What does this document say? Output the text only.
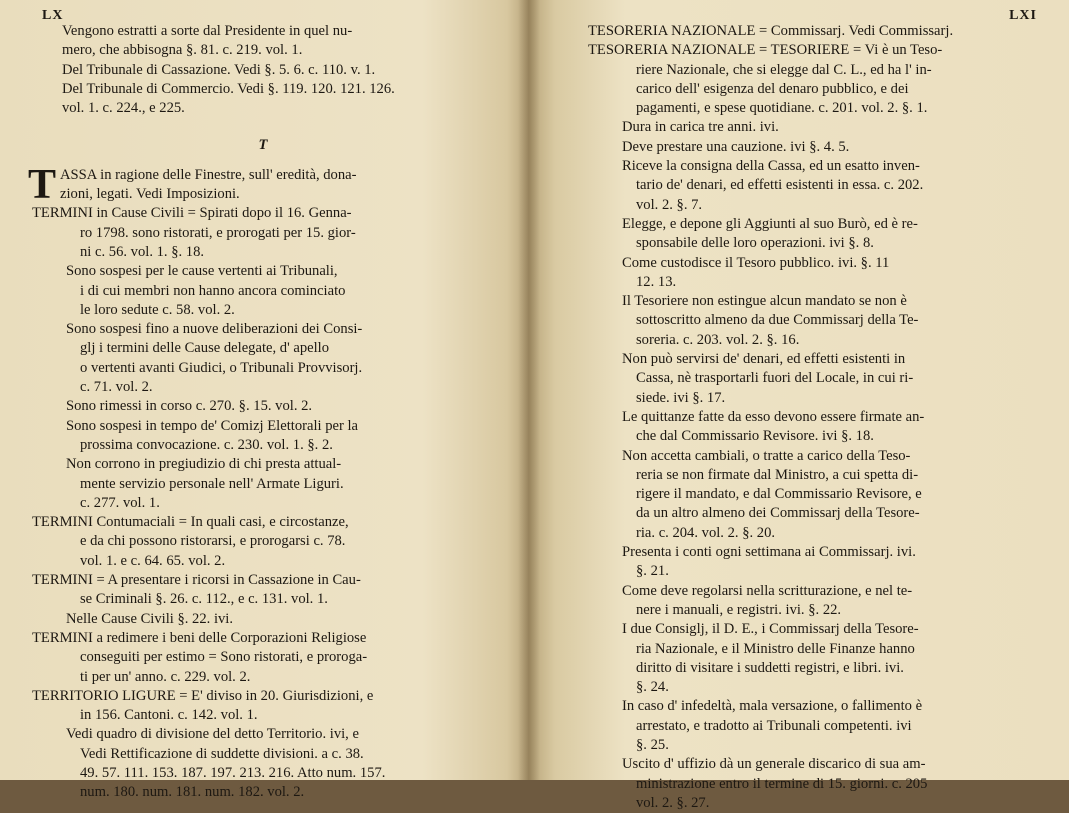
LX

Vengono estratti a sorte dal Presidente in quel nu-

mero, che abbisogna §. 81. c. 219. vol. 1.

Del Tribunale di Cassazione. Vedi §. 5. 6. c. 110. v. 1.

Del Tribunale di Commercio. Vedi §. 119. 120. 121. 126.

vol. 1. c. 224., e 225.

T

TASSA in ragione delle Finestre, sull' eredità, dona-
zioni, legati. Vedi Imposizioni.

TERMINI in Cause Civili = Spirati dopo il 16. Genna-

ro 1798. sono ristorati, e prorogati per 15. gior-

ni c. 56. vol. 1. §. 18.

Sono sospesi per le cause vertenti ai Tribunali,

i di cui membri non hanno ancora cominciato

le loro sedute c. 58. vol. 2.

Sono sospesi fino a nuove deliberazioni dei Consi-

glj i termini delle Cause delegate, d' apello

o vertenti avanti Giudici, o Tribunali Provvisorj.

c. 71. vol. 2.

Sono rimessi in corso c. 270. §. 15. vol. 2.

Sono sospesi in tempo de' Comizj Elettorali per la

prossima convocazione. c. 230. vol. 1. §. 2.

Non corrono in pregiudizio di chi presta attual-

mente servizio personale nell' Armate Liguri.

c. 277. vol. 1.

TERMINI Contumaciali = In quali casi, e circostanze,

e da chi possono ristorarsi, e prorogarsi c. 78.

vol. 1. e c. 64. 65. vol. 2.

TERMINI = A presentare i ricorsi in Cassazione in Cau-

se Criminali §. 26. c. 112., e c. 131. vol. 1.

Nelle Cause Civili §. 22. ivi.

TERMINI a redimere i beni delle Corporazioni Religiose

conseguiti per estimo = Sono ristorati, e proroga-

ti per un' anno. c. 229. vol. 2.

TERRITORIO LIGURE = E' diviso in 20. Giurisdizioni, e

in 156. Cantoni. c. 142. vol. 1.

Vedi quadro di divisione del detto Territorio. ivi, e

Vedi Rettificazione di suddette divisioni. a c. 38.

49. 57. 111. 153. 187. 197. 213. 216. Atto num. 157.

num. 180. num. 181. num. 182. vol. 2.

LXI

TESORERIA NAZIONALE = Commissarj. Vedi Commissarj.

TESORERIA NAZIONALE = TESORIERE = Vi è un Teso-

riere Nazionale, che si elegge dal C. L., ed ha l' in-

carico dell' esigenza del denaro pubblico, e dei

pagamenti, e spese quotidiane. c. 201. vol. 2. §. 1.

Dura in carica tre anni. ivi.

Deve prestare una cauzione. ivi §. 4. 5.

Riceve la consigna della Cassa, ed un esatto inven-

tario de' denari, ed effetti esistenti in essa. c. 202.

vol. 2. §. 7.

Elegge, e depone gli Aggiunti al suo Burò, ed è re-

sponsabile delle loro operazioni. ivi §. 8.

Come custodisce il Tesoro pubblico. ivi. §. 11

12. 13.

Il Tesoriere non estingue alcun mandato se non è

sottoscritto almeno da due Commissarj della Te-

soreria. c. 203. vol. 2. §. 16.

Non può servirsi de' denari, ed effetti esistenti in

Cassa, nè trasportarli fuori del Locale, in cui ri-

siede. ivi §. 17.

Le quittanze fatte da esso devono essere firmate an-

che dal Commissario Revisore. ivi §. 18.

Non accetta cambiali, o tratte a carico della Teso-

reria se non firmate dal Ministro, a cui spetta di-

rigere il mandato, e dal Commissario Revisore, e

da un altro almeno dei Commissarj della Tesore-

ria. c. 204. vol. 2. §. 20.

Presenta i conti ogni settimana ai Commissarj. ivi.

§. 21.

Come deve regolarsi nella scritturazione, e nel te-

nere i manuali, e registri. ivi. §. 22.

I due Consiglj, il D. E., i Commissarj della Tesore-

ria Nazionale, e il Ministro delle Finanze hanno

diritto di visitare i suddetti registri, e libri. ivi.

§. 24.

In caso d' infedeltà, mala versazione, o fallimento è

arrestato, e tradotto ai Tribunali competenti. ivi

§. 25.

Uscito d' uffizio dà un generale discarico di sua am-

ministrazione entro il termine di 15. giorni. c. 205

vol. 2. §. 27.
